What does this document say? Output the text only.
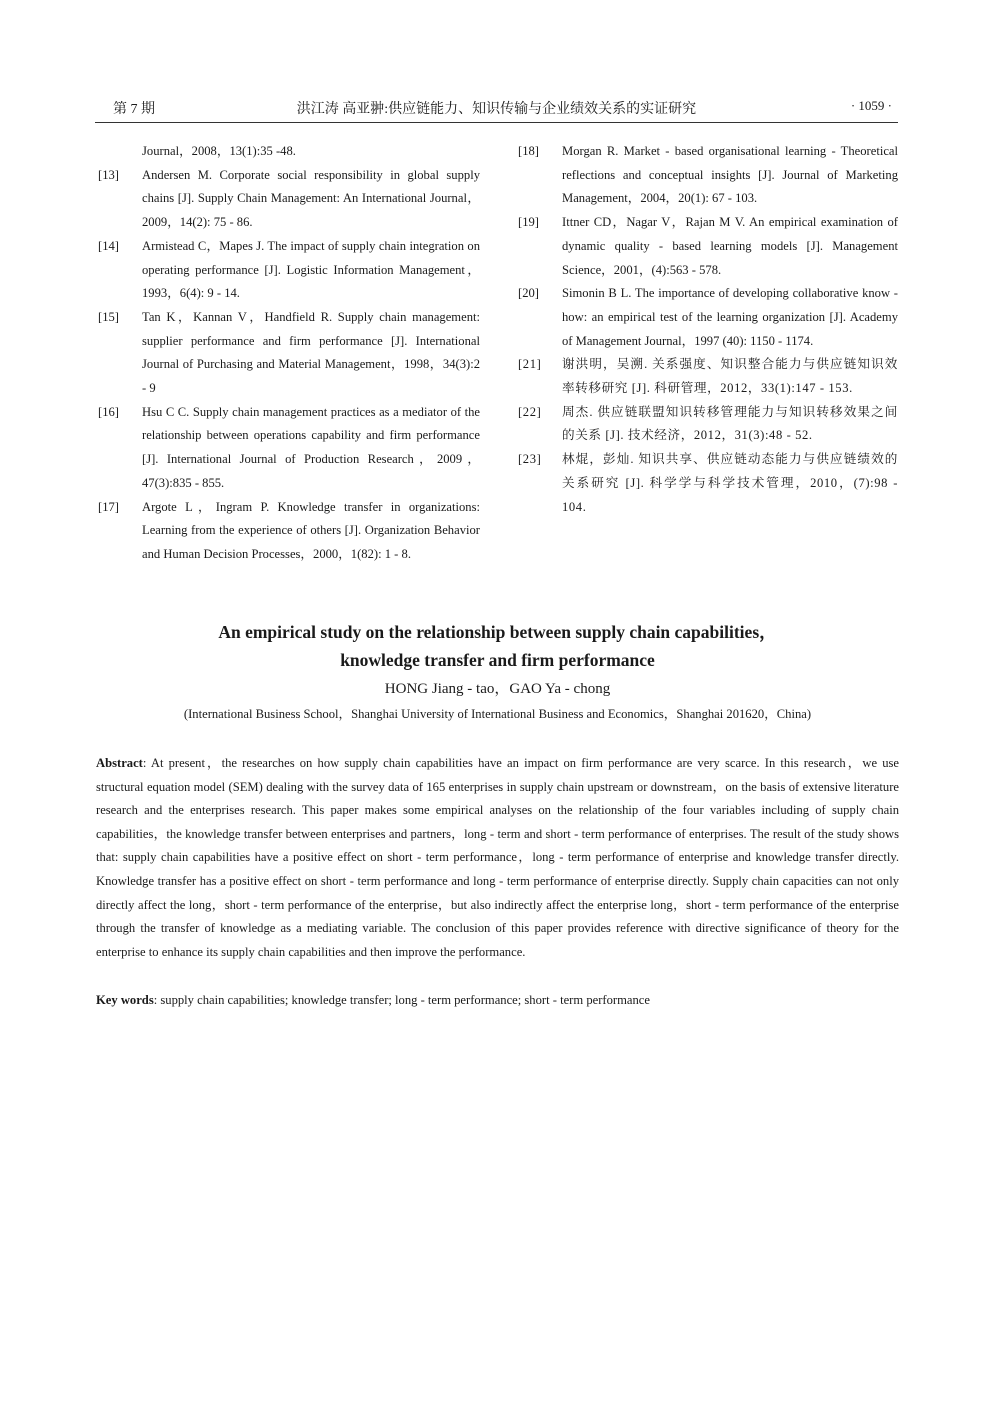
第 7 期	洪江涛 高亚翀:供应链能力、知识传输与企业绩效关系的实证研究	· 1059 ·
Journal，2008，13(1):35 -48.
[13] Andersen M. Corporate social responsibility in global supply chains [J]. Supply Chain Management: An International Journal，2009，14(2): 75 - 86.
[14] Armistead C，Mapes J. The impact of supply chain integration on operating performance [J]. Logistic Information Management，1993，6(4): 9 - 14.
[15] Tan K，Kannan V，Handfield R. Supply chain management: supplier performance and firm performance [J]. International Journal of Purchasing and Material Management，1998，34(3):2 - 9
[16] Hsu C C. Supply chain management practices as a mediator of the relationship between operations capability and firm performance [J]. International Journal of Production Research，2009，47(3):835 - 855.
[17] Argote L，Ingram P. Knowledge transfer in organizations: Learning from the experience of others [J]. Organization Behavior and Human Decision Processes，2000，1(82): 1 - 8.
[18] Morgan R. Market - based organisational learning - Theoretical reflections and conceptual insights [J]. Journal of Marketing Management，2004，20(1): 67 - 103.
[19] Ittner CD，Nagar V，Rajan M V. An empirical examination of dynamic quality - based learning models [J]. Management Science，2001，(4):563 - 578.
[20] Simonin B L. The importance of developing collaborative know - how: an empirical test of the learning organization [J]. Academy of Management Journal，1997 (40): 1150 - 1174.
[21] 谢洪明，吴溯. 关系强度、知识整合能力与供应链知识效率转移研究 [J]. 科研管理，2012，33(1):147 - 153.
[22] 周杰. 供应链联盟知识转移管理能力与知识转移效果之间的关系 [J]. 技术经济，2012，31(3):48 - 52.
[23] 林焜，彭灿. 知识共享、供应链动态能力与供应链绩效的关系研究 [J]. 科学学与科学技术管理，2010，(7):98 - 104.
An empirical study on the relationship between supply chain capabilities，
knowledge transfer and firm performance
HONG Jiang - tao，GAO Ya - chong
(International Business School，Shanghai University of International Business and Economics，Shanghai 201620，China)
Abstract: At present，the researches on how supply chain capabilities have an impact on firm performance are very scarce. In this research，we use structural equation model (SEM) dealing with the survey data of 165 enterprises in supply chain upstream or downstream，on the basis of extensive literature research and the enterprises research. This paper makes some empirical analyses on the relationship of the four variables including of supply chain capabilities，the knowledge transfer between enterprises and partners，long - term and short - term performance of enterprises. The result of the study shows that: supply chain capabilities have a positive effect on short - term performance，long - term performance of enterprise and knowledge transfer directly. Knowledge transfer has a positive effect on short - term performance and long - term performance of enterprise directly. Supply chain capacities can not only directly affect the long，short - term performance of the enterprise，but also indirectly affect the enterprise long，short - term performance of the enterprise through the transfer of knowledge as a mediating variable. The conclusion of this paper provides reference with directive significance of theory for the enterprise to enhance its supply chain capabilities and then improve the performance.
Key words: supply chain capabilities; knowledge transfer; long - term performance; short - term performance
